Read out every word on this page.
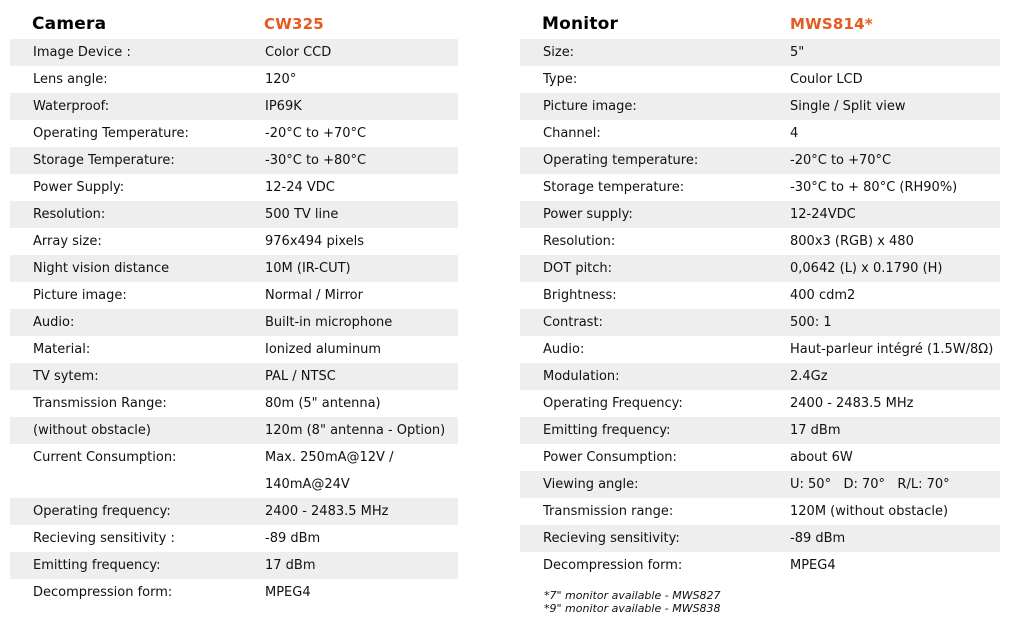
Camera	CW325
Image Device :	Color CCD
Lens angle:	120°
Waterproof:	IP69K
Operating Temperature:	-20°C to +70°C
Storage Temperature:	-30°C to +80°C
Power Supply:	12-24 VDC
Resolution:	500 TV line
Array size:	976x494 pixels
Night vision distance	10M (IR-CUT)
Picture image:	Normal / Mirror
Audio:	Built-in microphone
Material:	Ionized aluminum
TV sytem:	PAL / NTSC
Transmission Range:	80m (5" antenna)
(without obstacle)	120m (8" antenna - Option)
Current Consumption:	Max. 250mA@12V /
140mA@24V
Operating frequency:	2400 - 2483.5 MHz
Recieving sensitivity :	-89 dBm
Emitting frequency:	17 dBm
Decompression form:	MPEG4
Monitor	MWS814*
Size:	5"
Type:	Coulor LCD
Picture image:	Single / Split view
Channel:	4
Operating temperature:	-20°C to +70°C
Storage temperature:	-30°C to + 80°C (RH90%)
Power supply:	12-24VDC
Resolution:	800x3 (RGB) x 480
DOT pitch:	0,0642 (L) x 0.1790 (H)
Brightness:	400 cdm2
Contrast:	500: 1
Audio:	Haut-parleur intégré (1.5W/8Ω)
Modulation:	2.4Gz
Operating Frequency:	2400 - 2483.5 MHz
Emitting frequency:	17 dBm
Power Consumption:	about 6W
Viewing angle:	U: 50°   D: 70°   R/L: 70°
Transmission range:	120M (without obstacle)
Recieving sensitivity:	-89 dBm
Decompression form:	MPEG4
*7" monitor available - MWS827
*9" monitor available - MWS838
